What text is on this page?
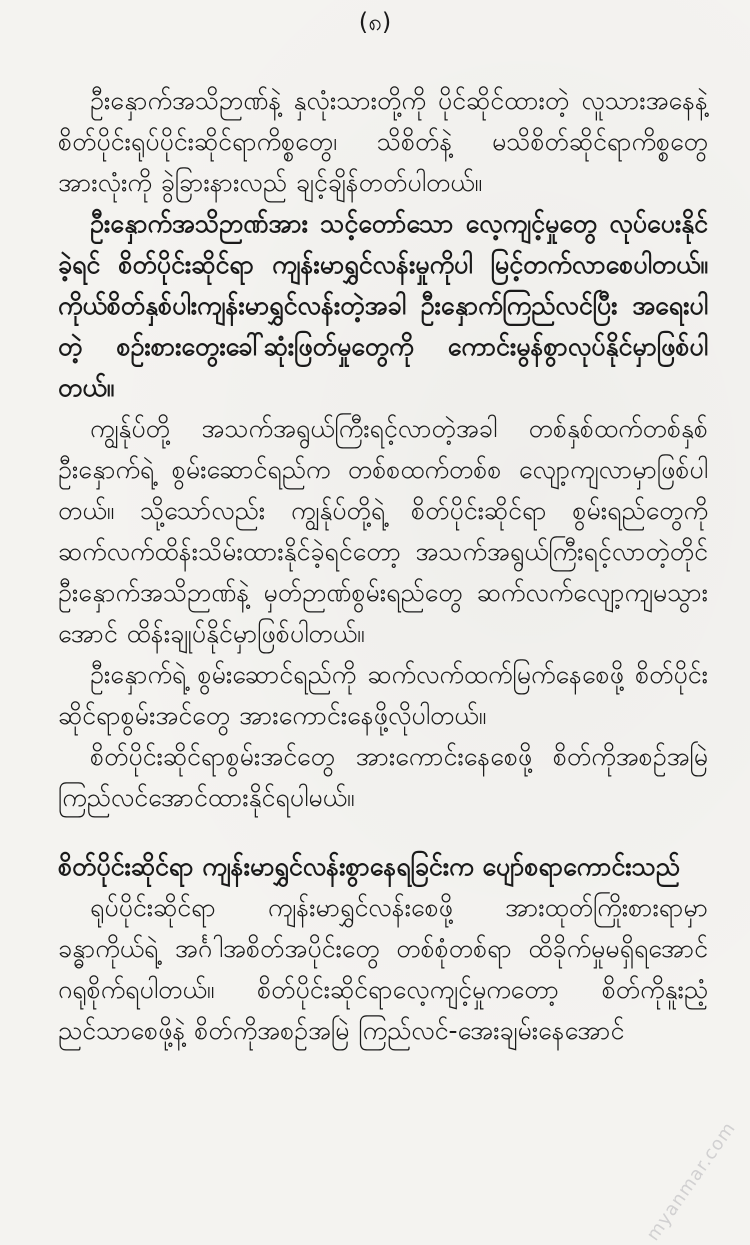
(၈)

ဦးနှောက်အသိဉာဏ်နဲ့ နှလုံးသားတို့ကို ပိုင်ဆိုင်ထားတဲ့ လူသားအနေနဲ့ စိတ်ပိုင်းရုပ်ပိုင်းဆိုင်ရာကိစ္စတွေ၊ သိစိတ်နဲ့ မသိစိတ်ဆိုင်ရာကိစ္စတွေအားလုံးကို ခွဲခြားနားလည် ချင့်ချိန်တတ်ပါတယ်။

ဦးနှောက်အသိဉာဏ်အား သင့်တော်သော လေ့ကျင့်မှုတွေ လုပ်ပေးနိုင်ခဲ့ရင် စိတ်ပိုင်းဆိုင်ရာ ကျန်းမာရွှင်လန်းမှုကိုပါ မြင့်တက်လာစေပါတယ်။ ကိုယ်စိတ်နှစ်ပါးကျန်းမာရွှင်လန်းတဲ့အခါ ဦးနှောက်ကြည်လင်ပြီး အရေးပါတဲ့ စဉ်းစားတွေးခေါ်ဆုံးဖြတ်မှုတွေကို ကောင်းမွန်စွာလုပ်နိုင်မှာဖြစ်ပါတယ်။

ကျွန်ုပ်တို့ အသက်အရွယ်ကြီးရင့်လာတဲ့အခါ တစ်နှစ်ထက်တစ်နှစ် ဦးနှောက်ရဲ့ စွမ်းဆောင်ရည်က တစ်စထက်တစ်စ လျော့ကျလာမှာဖြစ်ပါတယ်။ သို့သော်လည်း ကျွန်ုပ်တို့ရဲ့ စိတ်ပိုင်းဆိုင်ရာ စွမ်းရည်တွေကို ဆက်လက်ထိန်းသိမ်းထားနိုင်ခဲ့ရင်တော့ အသက်အရွယ်ကြီးရင့်လာတဲ့တိုင် ဦးနှောက်အသိဉာဏ်နဲ့ မှတ်ဉာဏ်စွမ်းရည်တွေ ဆက်လက်လျော့ကျမသွားအောင် ထိန်းချုပ်နိုင်မှာဖြစ်ပါတယ်။

ဦးနှောက်ရဲ့ စွမ်းဆောင်ရည်ကို ဆက်လက်ထက်မြက်နေစေဖို့ စိတ်ပိုင်းဆိုင်ရာစွမ်းအင်တွေ အားကောင်းနေဖို့လိုပါတယ်။

စိတ်ပိုင်းဆိုင်ရာစွမ်းအင်တွေ အားကောင်းနေစေဖို့ စိတ်ကိုအစဉ်အမြဲကြည်လင်အောင်ထားနိုင်ရပါမယ်။

စိတ်ပိုင်းဆိုင်ရာ ကျန်းမာရွှင်လန်းစွာနေရခြင်းက ပျော်စရာကောင်းသည်

ရုပ်ပိုင်းဆိုင်ရာ ကျန်းမာရွှင်လန်းစေဖို့ အားထုတ်ကြိုးစားရာမှာ ခန္ဓာကိုယ်ရဲ့ အင်္ဂါအစိတ်အပိုင်းတွေ တစ်စုံတစ်ရာ ထိခိုက်မှုမရှိရအောင် ဂရုစိုက်ရပါတယ်။ စိတ်ပိုင်းဆိုင်ရာလေ့ကျင့်မှုကတော့ စိတ်ကိုနူးညံ့ညင်သာစေဖို့နဲ့ စိတ်ကိုအစဉ်အမြဲ ကြည်လင်-အေးချမ်းနေအောင်

myanmar.com
